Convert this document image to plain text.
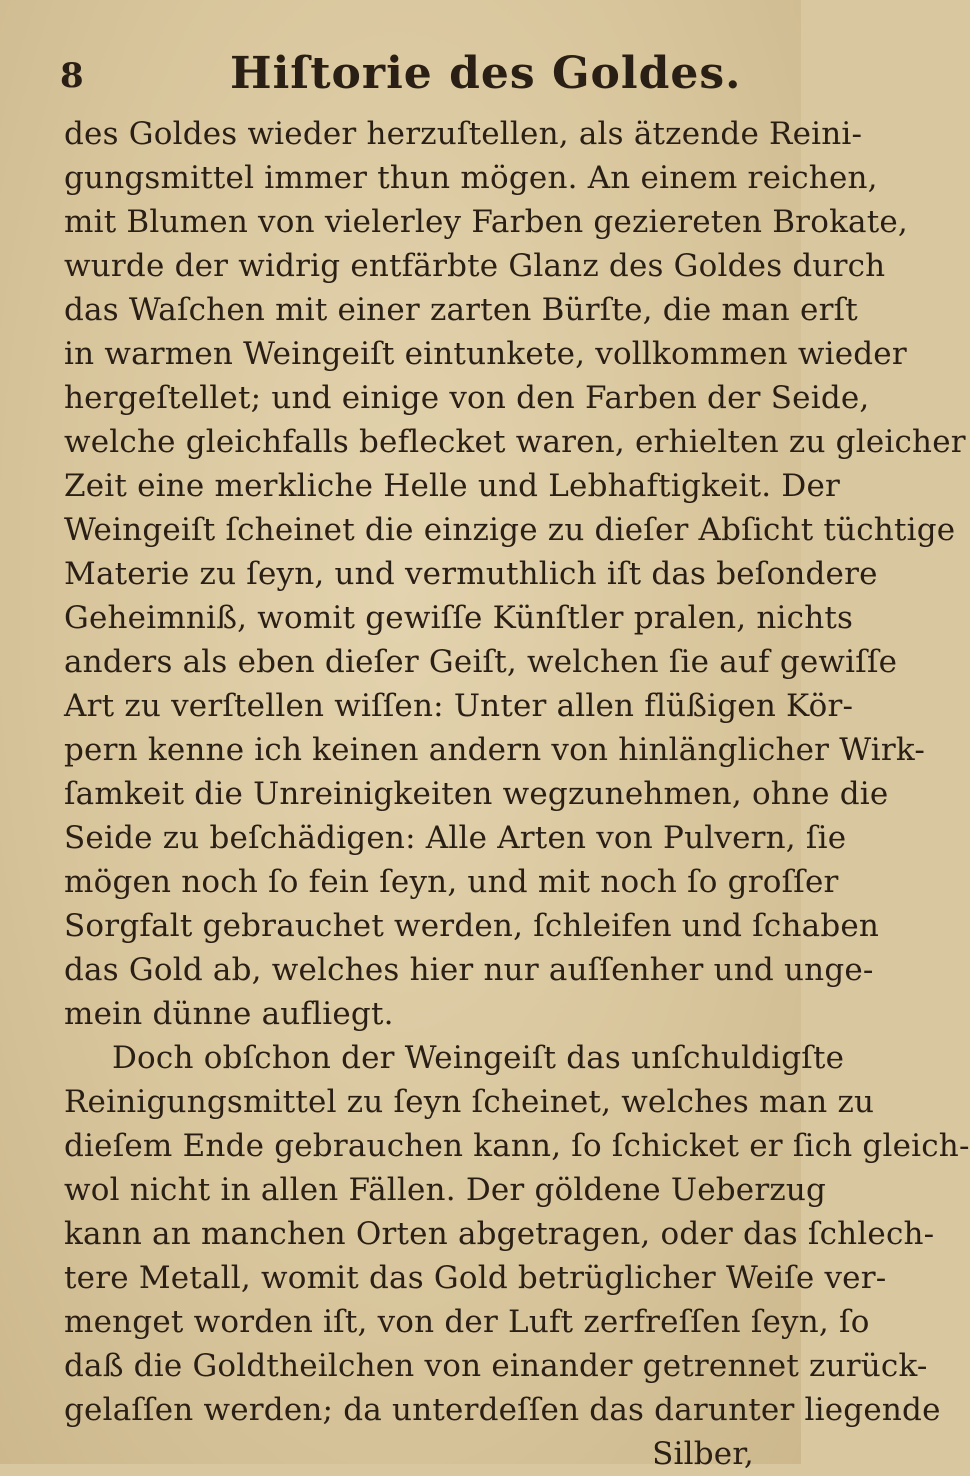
8	Hiſtorie des Goldes.
des Goldes wieder herzuſtellen, als ätzende Reini-
gungsmittel immer thun mögen. An einem reichen,
mit Blumen von vielerley Farben geziereten Brokate,
wurde der widrig entfärbte Glanz des Goldes durch
das Waſchen mit einer zarten Bürſte, die man erſt
in warmen Weingeiſt eintunkete, vollkommen wieder
hergeſtellet; und einige von den Farben der Seide,
welche gleichfalls beflecket waren, erhielten zu gleicher
Zeit eine merkliche Helle und Lebhaftigkeit. Der
Weingeiſt ſcheinet die einzige zu dieſer Abſicht tüchtige
Materie zu ſeyn, und vermuthlich iſt das beſondere
Geheimniß, womit gewiſſe Künſtler pralen, nichts
anders als eben dieſer Geiſt, welchen ſie auf gewiſſe
Art zu verſtellen wiſſen: Unter allen flüßigen Kör-
pern kenne ich keinen andern von hinlänglicher Wirk-
ſamkeit die Unreinigkeiten wegzunehmen, ohne die
Seide zu beſchädigen: Alle Arten von Pulvern, ſie
mögen noch ſo fein ſeyn, und mit noch ſo groſſer
Sorgfalt gebrauchet werden, ſchleifen und ſchaben
das Gold ab, welches hier nur auſſenher und unge-
mein dünne aufliegt.
Doch obſchon der Weingeiſt das unſchuldigſte
Reinigungsmittel zu ſeyn ſcheinet, welches man zu
dieſem Ende gebrauchen kann, ſo ſchicket er ſich gleich-
wol nicht in allen Fällen. Der göldene Ueberzug
kann an manchen Orten abgetragen, oder das ſchlech-
tere Metall, womit das Gold betrüglicher Weiſe ver-
menget worden iſt, von der Luft zerfreſſen ſeyn, ſo
daß die Goldtheilchen von einander getrennet zurück-
gelaſſen werden; da unterdeſſen das darunter liegende
Silber,
